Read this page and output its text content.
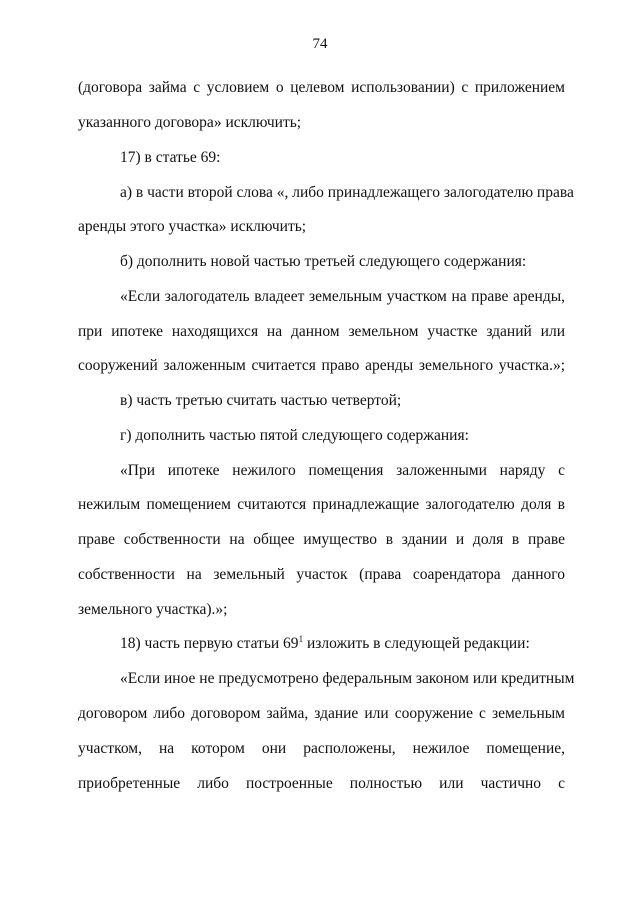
74
(договора займа с условием о целевом использовании) с приложением
указанного договора» исключить;
17) в статье 69:
а) в части второй слова «, либо принадлежащего залогодателю права
аренды этого участка» исключить;
б) дополнить новой частью третьей следующего содержания:
«Если залогодатель владеет земельным участком на праве аренды,
при ипотеке находящихся на данном земельном участке зданий или
сооружений заложенным считается право аренды земельного участка.»;
в) часть третью считать частью четвертой;
г) дополнить частью пятой следующего содержания:
«При ипотеке нежилого помещения заложенными наряду с
нежилым помещением считаются принадлежащие залогодателю доля в
праве собственности на общее имущество в здании и доля в праве
собственности на земельный участок (права соарендатора данного
земельного участка).»;
18) часть первую статьи $69^1$ изложить в следующей редакции:
«Если иное не предусмотрено федеральным законом или кредитным
договором либо договором займа, здание или сооружение с земельным
участком, на котором они расположены, нежилое помещение,
приобретенные либо построенные полностью или частично с
